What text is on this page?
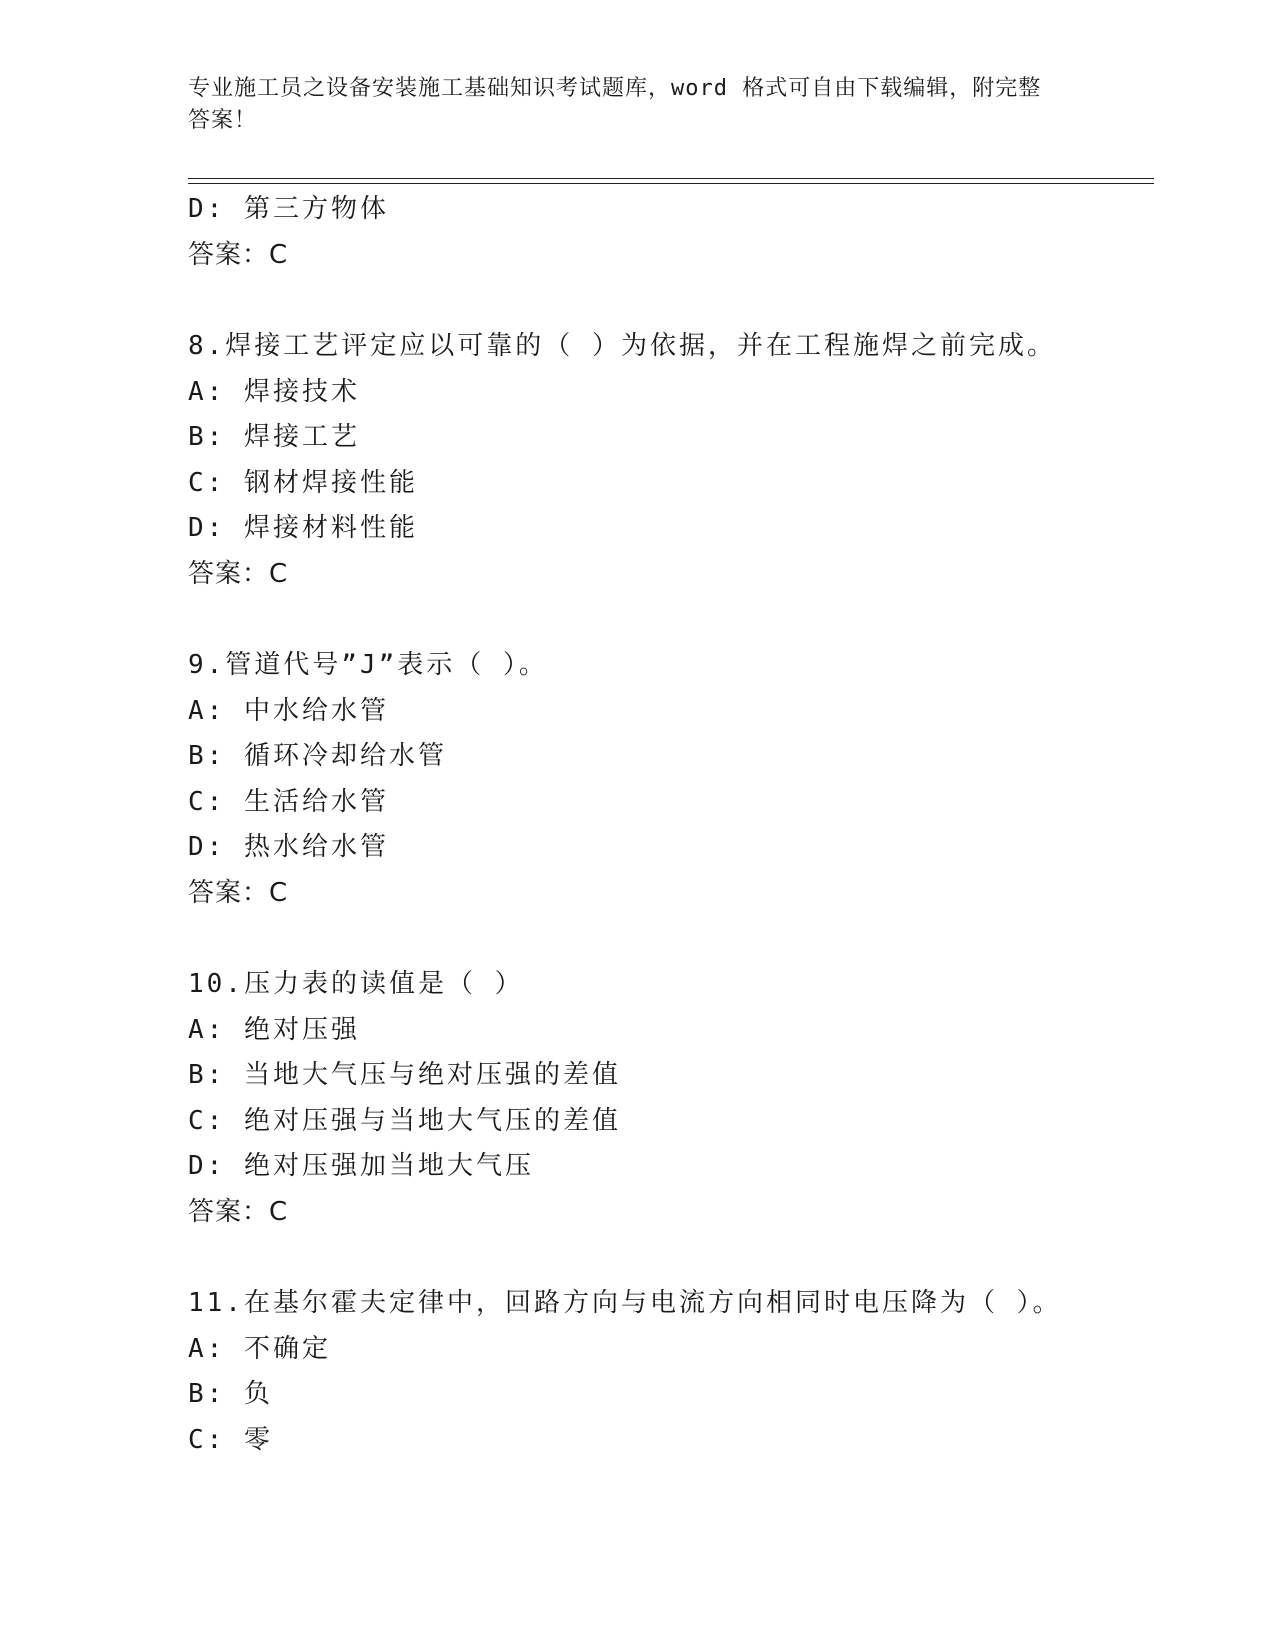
专业施工员之设备安装施工基础知识考试题库，word 格式可自由下载编辑，附完整答案！
D: 第三方物体
答案：C
8.焊接工艺评定应以可靠的（ ）为依据，并在工程施焊之前完成。
A: 焊接技术
B: 焊接工艺
C: 钢材焊接性能
D: 焊接材料性能
答案：C
9.管道代号”J”表示（ ）。
A: 中水给水管
B: 循环冷却给水管
C: 生活给水管
D: 热水给水管
答案：C
10.压力表的读值是（ ）
A: 绝对压强
B: 当地大气压与绝对压强的差值
C: 绝对压强与当地大气压的差值
D: 绝对压强加当地大气压
答案：C
11.在基尔霍夫定律中，回路方向与电流方向相同时电压降为（ ）。
A: 不确定
B: 负
C: 零
